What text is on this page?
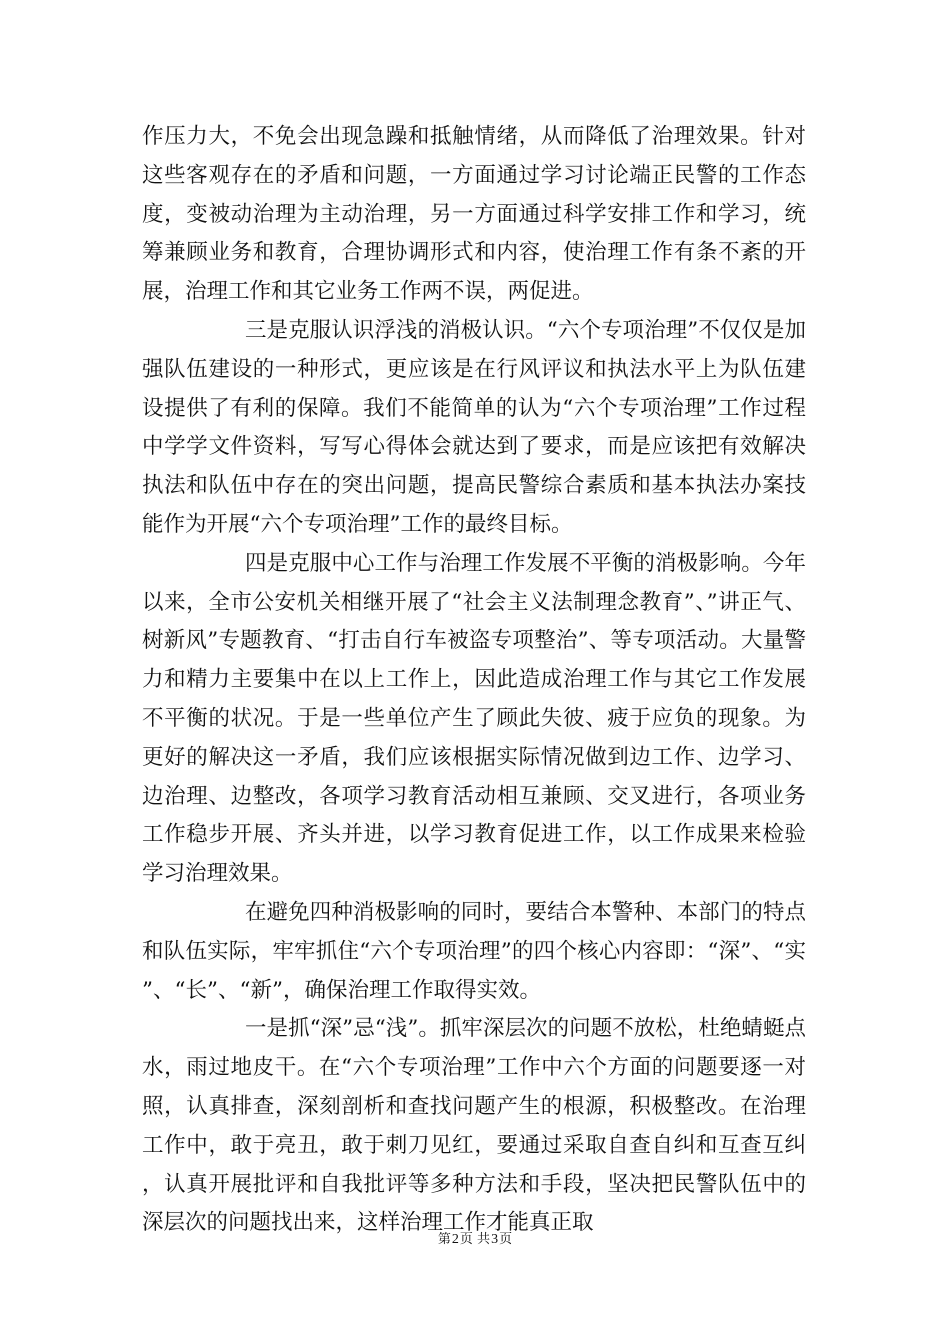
作压力大，不免会出现急躁和抵触情绪，从而降低了治理效果。针对这些客观存在的矛盾和问题，一方面通过学习讨论端正民警的工作态度，变被动治理为主动治理，另一方面通过科学安排工作和学习，统筹兼顾业务和教育，合理协调形式和内容，使治理工作有条不紊的开展，治理工作和其它业务工作两不误，两促进。

三是克服认识浮浅的消极认识。“六个专项治理”不仅仅是加强队伍建设的一种形式，更应该是在行风评议和执法水平上为队伍建设提供了有利的保障。我们不能简单的认为“六个专项治理”工作过程中学学文件资料，写写心得体会就达到了要求，而是应该把有效解决执法和队伍中存在的突出问题，提高民警综合素质和基本执法办案技能作为开展“六个专项治理”工作的最终目标。

四是克服中心工作与治理工作发展不平衡的消极影响。今年以来，全市公安机关相继开展了“社会主义法制理念教育”、”讲正气、树新风”专题教育、“打击自行车被盗专项整治”、等专项活动。大量警力和精力主要集中在以上工作上，因此造成治理工作与其它工作发展不平衡的状况。于是一些单位产生了顾此失彼、疲于应负的现象。为更好的解决这一矛盾，我们应该根据实际情况做到边工作、边学习、边治理、边整改，各项学习教育活动相互兼顾、交叉进行，各项业务工作稳步开展、齐头并进，以学习教育促进工作，以工作成果来检验学习治理效果。

在避免四种消极影响的同时，要结合本警种、本部门的特点和队伍实际，牢牢抓住“六个专项治理”的四个核心内容即：“深”、“实”、“长”、“新”，确保治理工作取得实效。

一是抓“深”忌“浅”。抓牢深层次的问题不放松，杜绝蜻蜓点水，雨过地皮干。在“六个专项治理”工作中六个方面的问题要逐一对照，认真排查，深刻剖析和查找问题产生的根源，积极整改。在治理工作中，敢于亮丑，敢于刺刀见红，要通过采取自查自纠和互查互纠，认真开展批评和自我批评等多种方法和手段，坚决把民警队伍中的深层次的问题找出来，这样治理工作才能真正取

第2页 共3页
